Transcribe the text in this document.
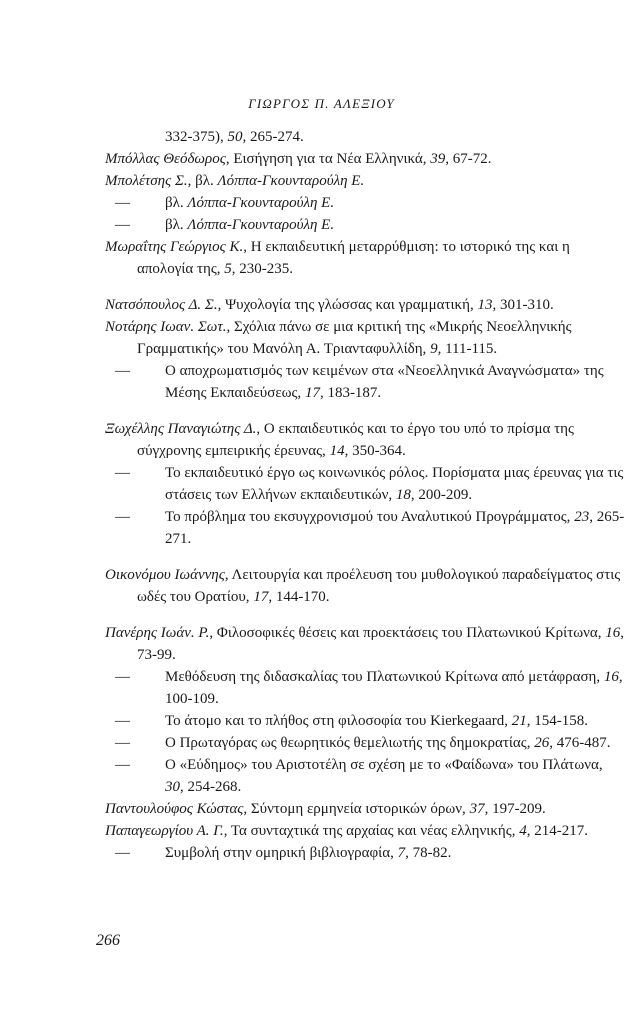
ΓΙΩΡΓΟΣ Π. ΑΛΕΞΙΟΥ
332-375), 50, 265-274.
Μπόλλας Θεόδωρος, Εισήγηση για τα Νέα Ελληνικά, 39, 67-72.
Μπολέτσης Σ., βλ. Λόππα-Γκουνταρούλη Ε.
— βλ. Λόππα-Γκουνταρούλη Ε.
— βλ. Λόππα-Γκουνταρούλη Ε.
Μωραΐτης Γεώργιος Κ., Η εκπαιδευτική μεταρρύθμιση: το ιστορικό της και η απολογία της, 5, 230-235.
Νατσόπουλος Δ. Σ., Ψυχολογία της γλώσσας και γραμματική, 13, 301-310.
Νοτάρης Ιωαν. Σωτ., Σχόλια πάνω σε μια κριτική της «Μικρής Νεοελληνικής Γραμματικής» του Μανόλη Α. Τριανταφυλλίδη, 9, 111-115.
— Ο αποχρωματισμός των κειμένων στα «Νεοελληνικά Αναγνώσματα» της Μέσης Εκπαιδεύσεως, 17, 183-187.
Ξωχέλλης Παναγιώτης Δ., Ο εκπαιδευτικός και το έργο του υπό το πρίσμα της σύγχρονης εμπειρικής έρευνας, 14, 350-364.
— Το εκπαιδευτικό έργο ως κοινωνικός ρόλος. Πορίσματα μιας έρευνας για τις στάσεις των Ελλήνων εκπαιδευτικών, 18, 200-209.
— Το πρόβλημα του εκσυγχρονισμού του Αναλυτικού Προγράμματος, 23, 265-271.
Οικονόμου Ιωάννης, Λειτουργία και προέλευση του μυθολογικού παραδείγματος στις ωδές του Ορατίου, 17, 144-170.
Πανέρης Ιωάν. Ρ., Φιλοσοφικές θέσεις και προεκτάσεις του Πλατωνικού Κρίτωνα, 16, 73-99.
— Μεθόδευση της διδασκαλίας του Πλατωνικού Κρίτωνα από μετάφραση, 16, 100-109.
— Το άτομο και το πλήθος στη φιλοσοφία του Kierkegaard, 21, 154-158.
— Ο Πρωταγόρας ως θεωρητικός θεμελιωτής της δημοκρατίας, 26, 476-487.
— Ο «Εύδημος» του Αριστοτέλη σε σχέση με το «Φαίδωνα» του Πλάτωνα, 30, 254-268.
Παντουλούφος Κώστας, Σύντομη ερμηνεία ιστορικών όρων, 37, 197-209.
Παπαγεωργίου Α. Γ., Τα συνταχτικά της αρχαίας και νέας ελληνικής, 4, 214-217.
— Συμβολή στην ομηρική βιβλιογραφία, 7, 78-82.
266
